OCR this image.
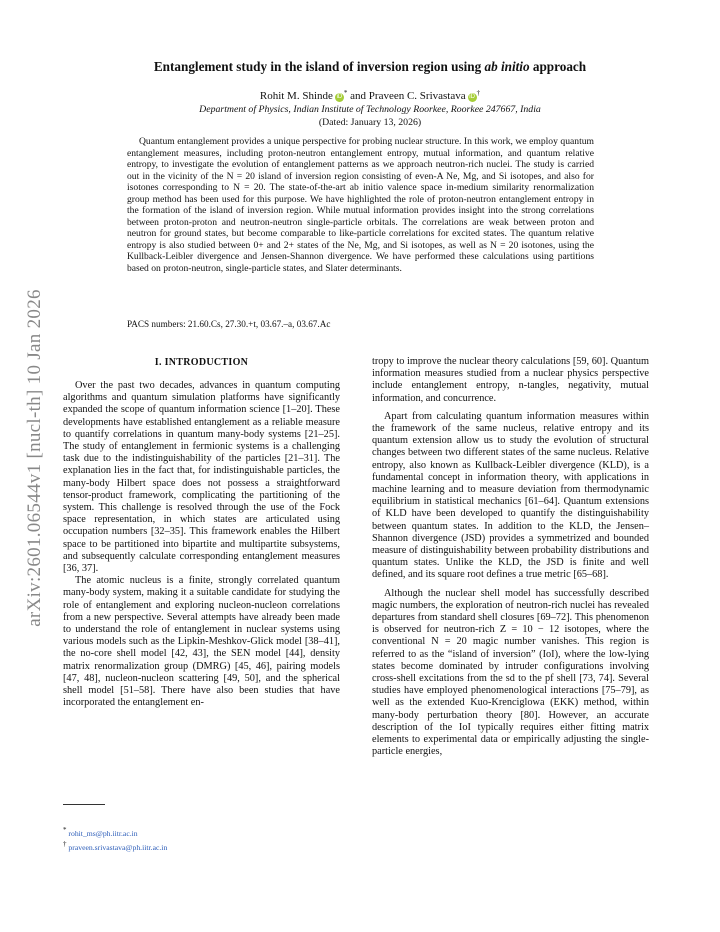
arXiv:2601.06544v1 [nucl-th] 10 Jan 2026
Entanglement study in the island of inversion region using ab initio approach
Rohit M. Shinde iD * and Praveen C. Srivastava iD †
Department of Physics, Indian Institute of Technology Roorkee, Roorkee 247667, India
(Dated: January 13, 2026)
Quantum entanglement provides a unique perspective for probing nuclear structure. In this work, we employ quantum entanglement measures, including proton-neutron entanglement entropy, mutual information, and quantum relative entropy, to investigate the evolution of entanglement patterns as we approach neutron-rich nuclei. The study is carried out in the vicinity of the N = 20 island of inversion region consisting of even-A Ne, Mg, and Si isotopes, and also for isotones corresponding to N = 20. The state-of-the-art ab initio valence space in-medium similarity renormalization group method has been used for this purpose. We have highlighted the role of proton-neutron entanglement entropy in the formation of the island of inversion region. While mutual information provides insight into the strong correlations between proton-proton and neutron-neutron single-particle orbitals. The correlations are weak between proton and neutron for ground states, but become comparable to like-particle correlations for excited states. The quantum relative entropy is also studied between 0+ and 2+ states of the Ne, Mg, and Si isotopes, as well as N = 20 isotones, using the Kullback-Leibler divergence and Jensen-Shannon divergence. We have performed these calculations using partitions based on proton-neutron, single-particle states, and Slater determinants.
PACS numbers: 21.60.Cs, 27.30.+t, 03.67.–a, 03.67.Ac
I. INTRODUCTION

Over the past two decades, advances in quantum computing algorithms and quantum simulation platforms have significantly expanded the scope of quantum information science [1–20]. These developments have established entanglement as a reliable measure to quantify correlations in quantum many-body systems [21–25]. The study of entanglement in fermionic systems is a challenging task due to the indistinguishability of the particles [21–31]. The explanation lies in the fact that, for indistinguishable particles, the many-body Hilbert space does not possess a straightforward tensor-product framework, complicating the partitioning of the system. This challenge is resolved through the use of the Fock space representation, in which states are articulated using occupation numbers [32–35]. This framework enables the Hilbert space to be partitioned into bipartite and multipartite subsystems, and subsequently calculate corresponding entanglement measures [36, 37].

The atomic nucleus is a finite, strongly correlated quantum many-body system, making it a suitable candidate for studying the role of entanglement and exploring nucleon-nucleon correlations from a new perspective. Several attempts have already been made to understand the role of entanglement in nuclear systems using various models such as the Lipkin-Meshkov-Glick model [38–41], the no-core shell model [42, 43], the SEN model [44], density matrix renormalization group (DMRG) [45, 46], pairing models [47, 48], nucleon-nucleon scattering [49, 50], and the spherical shell model [51–58]. There have also been studies that have incorporated the entanglement en-

tropy to improve the nuclear theory calculations [59, 60]. Quantum information measures studied from a nuclear physics perspective include entanglement entropy, n-tangles, negativity, mutual information, and concurrence.

Apart from calculating quantum information measures within the framework of the same nucleus, relative entropy and its quantum extension allow us to study the evolution of structural changes between two different states of the same nucleus. Relative entropy, also known as Kullback-Leibler divergence (KLD), is a fundamental concept in information theory, with applications in machine learning and to measure deviation from thermodynamic equilibrium in statistical mechanics [61–64]. Quantum extensions of KLD have been developed to quantify the distinguishability between quantum states. In addition to the KLD, the Jensen–Shannon divergence (JSD) provides a symmetrized and bounded measure of distinguishability between probability distributions and quantum states. Unlike the KLD, the JSD is finite and well defined, and its square root defines a true metric [65–68].

Although the nuclear shell model has successfully described magic numbers, the exploration of neutron-rich nuclei has revealed departures from standard shell closures [69–72]. This phenomenon is observed for neutron-rich Z = 10 − 12 isotopes, where the conventional N = 20 magic number vanishes. This region is referred to as the “island of inversion” (IoI), where the low-lying states become dominated by intruder configurations involving cross-shell excitations from the sd to the pf shell [73, 74]. Several studies have employed phenomenological interactions [75–79], as well as the extended Kuo-Krenciglowa (EKK) method, within many-body perturbation theory [80]. However, an accurate description of the IoI typically requires either fitting matrix elements to experimental data or empirically adjusting the single-particle energies,

* rohit_ms@ph.iitr.ac.in
† praveen.srivastava@ph.iitr.ac.in
